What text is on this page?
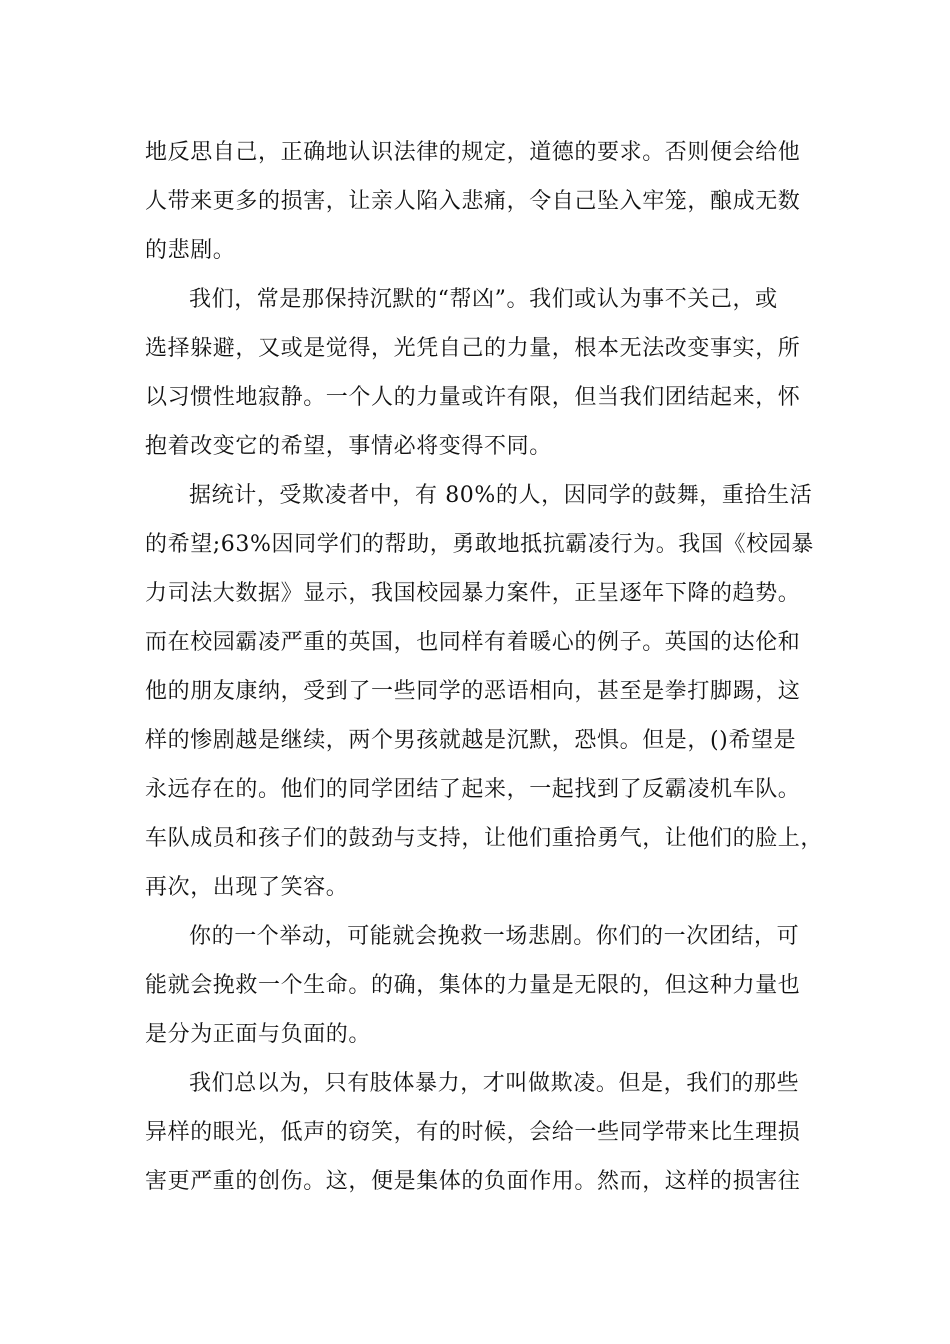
地反思自己，正确地认识法律的规定，道德的要求。否则便会给他
人带来更多的损害，让亲人陷入悲痛，令自己坠入牢笼，酿成无数
的悲剧。

我们，常是那保持沉默的“帮凶”。我们或认为事不关己，或
选择躲避，又或是觉得，光凭自己的力量，根本无法改变事实，所
以习惯性地寂静。一个人的力量或许有限，但当我们团结起来，怀
抱着改变它的希望，事情必将变得不同。

据统计，受欺凌者中，有 80%的人，因同学的鼓舞，重拾生活
的希望;63%因同学们的帮助，勇敢地抵抗霸凌行为。我国《校园暴
力司法大数据》显示，我国校园暴力案件，正呈逐年下降的趋势。
而在校园霸凌严重的英国，也同样有着暖心的例子。英国的达伦和
他的朋友康纳，受到了一些同学的恶语相向，甚至是拳打脚踢，这
样的惨剧越是继续，两个男孩就越是沉默，恐惧。但是，()希望是
永远存在的。他们的同学团结了起来，一起找到了反霸凌机车队。
车队成员和孩子们的鼓劲与支持，让他们重拾勇气，让他们的脸上，
再次，出现了笑容。

你的一个举动，可能就会挽救一场悲剧。你们的一次团结，可
能就会挽救一个生命。的确，集体的力量是无限的，但这种力量也
是分为正面与负面的。

我们总以为，只有肢体暴力，才叫做欺凌。但是，我们的那些
异样的眼光，低声的窃笑，有的时候，会给一些同学带来比生理损
害更严重的创伤。这，便是集体的负面作用。然而，这样的损害往
